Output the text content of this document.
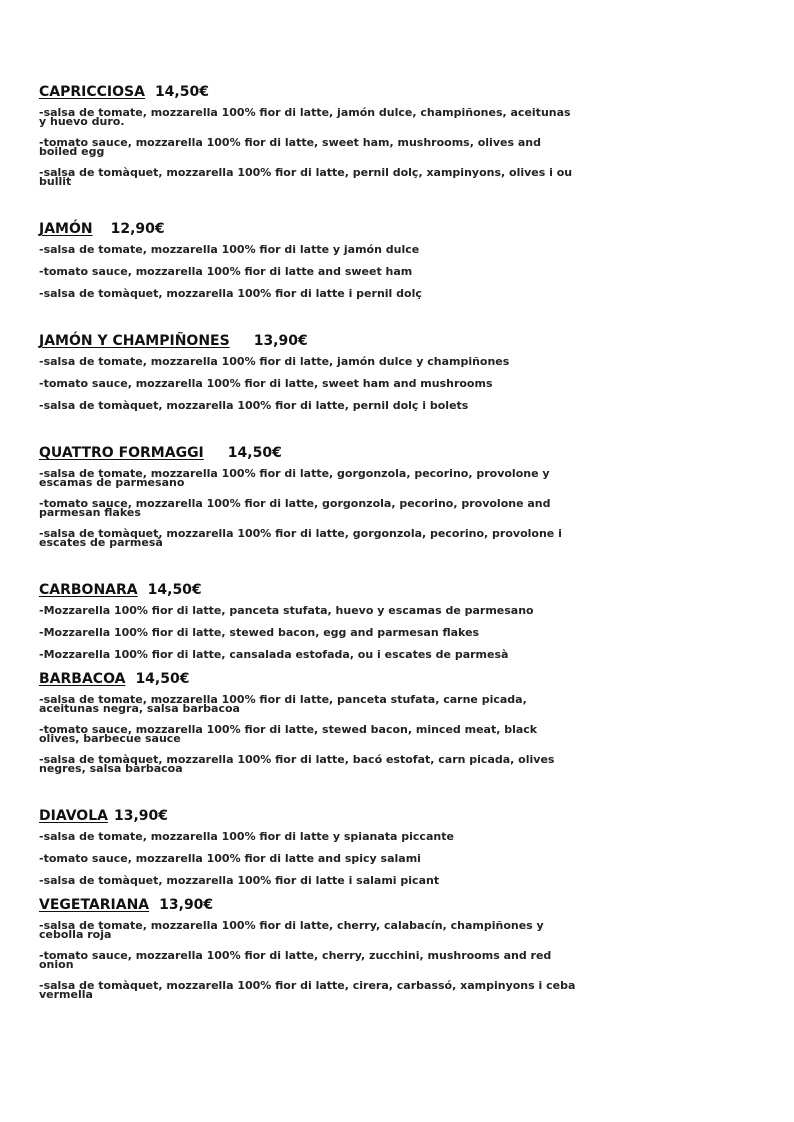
CAPRICCIOSA 14,50€
-salsa de tomate, mozzarella 100% fior di latte, jamón dulce, champiñones, aceitunas y huevo duro.
-tomato sauce, mozzarella 100% fior di latte, sweet ham, mushrooms, olives and boiled egg
-salsa de tomàquet, mozzarella 100% fior di latte, pernil dolç, xampinyons, olives i ou bullit
JAMÓN 12,90€
-salsa de tomate, mozzarella 100% fior di latte y jamón dulce
-tomato sauce, mozzarella 100% fior di latte and sweet ham
-salsa de tomàquet, mozzarella 100% fior di latte i pernil dolç
JAMÓN Y CHAMPIÑONES 13,90€
-salsa de tomate, mozzarella 100% fior di latte, jamón dulce y champiñones
-tomato sauce, mozzarella 100% fior di latte, sweet ham and mushrooms
-salsa de tomàquet, mozzarella 100% fior di latte, pernil dolç i bolets
QUATTRO FORMAGGI 14,50€
-salsa de tomate, mozzarella 100% fior di latte, gorgonzola, pecorino, provolone y escamas de parmesano
-tomato sauce, mozzarella 100% fior di latte, gorgonzola, pecorino, provolone and parmesan flakes
-salsa de tomàquet, mozzarella 100% fior di latte, gorgonzola, pecorino, provolone i escates de parmesà
CARBONARA 14,50€
-Mozzarella 100% fior di latte, panceta stufata, huevo y escamas de parmesano
-Mozzarella 100% fior di latte, stewed bacon, egg and parmesan flakes
-Mozzarella 100% fior di latte, cansalada estofada, ou i escates de parmesà
BARBACOA 14,50€
-salsa de tomate, mozzarella 100% fior di latte, panceta stufata, carne picada, aceitunas negra, salsa barbacoa
-tomato sauce, mozzarella 100% fior di latte, stewed bacon, minced meat, black olives, barbecue sauce
-salsa de tomàquet, mozzarella 100% fior di latte, bacó estofat, carn picada, olives negres, salsa barbacoa
DIAVOLA 13,90€
-salsa de tomate, mozzarella 100% fior di latte y spianata piccante
-tomato sauce, mozzarella 100% fior di latte and spicy salami
-salsa de tomàquet, mozzarella 100% fior di latte i salami picant
VEGETARIANA 13,90€
-salsa de tomate, mozzarella 100% fior di latte, cherry, calabacín, champiñones y cebolla roja
-tomato sauce, mozzarella 100% fior di latte, cherry, zucchini, mushrooms and red onion
-salsa de tomàquet, mozzarella 100% fior di latte, cirera, carbassó, xampinyons i ceba vermella
